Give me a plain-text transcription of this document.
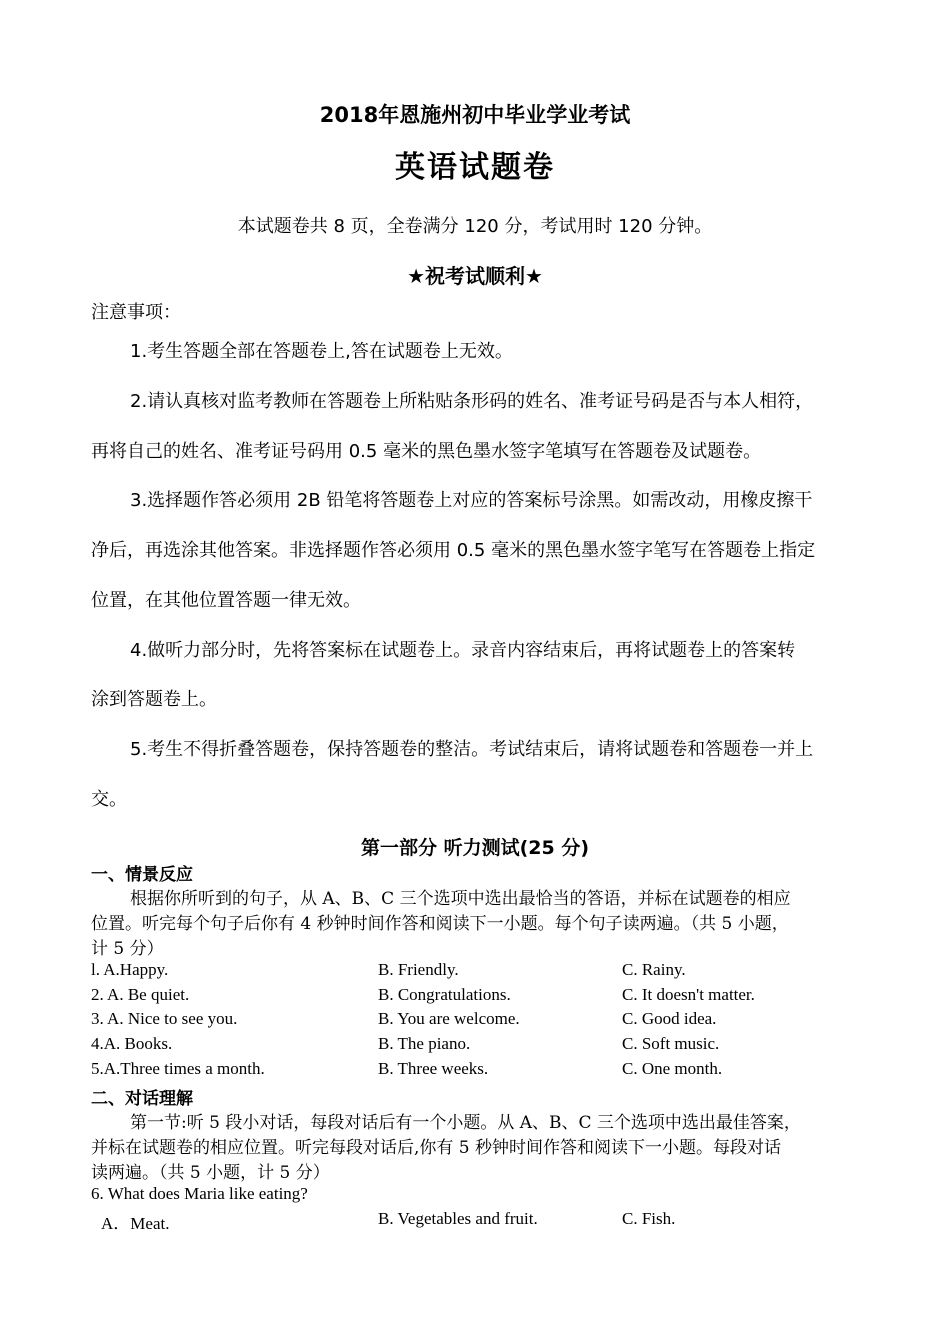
2018年恩施州初中毕业学业考试
英语试题卷
本试题卷共 8 页，全卷满分 120 分，考试用时 120 分钟。
★祝考试顺利★
注意事项：
1.考生答题全部在答题卷上,答在试题卷上无效。
2.请认真核对监考教师在答题卷上所粘贴条形码的姓名、准考证号码是否与本人相符，
再将自己的姓名、准考证号码用 0.5 毫米的黑色墨水签字笔填写在答题卷及试题卷。
3.选择题作答必须用 2B 铅笔将答题卷上对应的答案标号涂黑。如需改动，用橡皮擦干
净后，再选涂其他答案。非选择题作答必须用 0.5 毫米的黑色墨水签字笔写在答题卷上指定
位置，在其他位置答题一律无效。
4.做听力部分时，先将答案标在试题卷上。录音内容结束后，再将试题卷上的答案转
涂到答题卷上。
5.考生不得折叠答题卷，保持答题卷的整洁。考试结束后，请将试题卷和答题卷一并上
交。
第一部分 听力测试(25 分)
一、情景反应
根据你所听到的句子，从 A、B、C 三个选项中选出最恰当的答语，并标在试题卷的相应
位置。听完每个句子后你有 4 秒钟时间作答和阅读下一小题。每个句子读两遍。（共 5 小题，
计 5 分）
l. A.Happy.	B. Friendly.	C. Rainy.
2. A. Be quiet.	B. Congratulations.	C. It doesn't matter.
3. A. Nice to see you.	B. You are welcome.	C. Good idea.
4.A. Books.	B. The piano.	C. Soft music.
5.A.Three times a month.	B. Three weeks.	C. One month.
二、对话理解
第一节:听 5 段小对话，每段对话后有一个小题。从 A、B、C 三个选项中选出最佳答案，
并标在试题卷的相应位置。听完每段对话后,你有 5 秒钟时间作答和阅读下一小题。每段对话
读两遍。（共 5 小题，计 5 分）
6. What does Maria like eating?
A．Meat.	B. Vegetables and fruit.	C. Fish.
